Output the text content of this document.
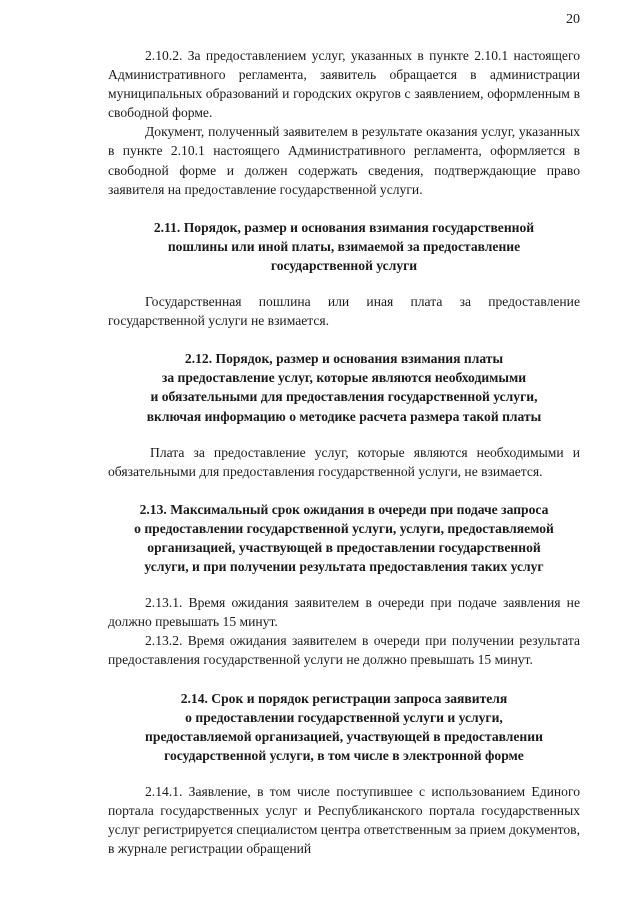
20

2.10.2. За предоставлением услуг, указанных в пункте 2.10.1 настоящего Административного регламента, заявитель обращается в администрации муниципальных образований и городских округов с заявлением, оформленным в свободной форме.

Документ, полученный заявителем в результате оказания услуг, указанных в пункте 2.10.1 настоящего Административного регламента, оформляется в свободной форме и должен содержать сведения, подтверждающие право заявителя на предоставление государственной услуги.

2.11. Порядок, размер и основания взимания государственной
пошлины или иной платы, взимаемой за предоставление
государственной услуги

Государственная пошлина или иная плата за предоставление государственной услуги не взимается.

2.12. Порядок, размер и основания взимания платы
за предоставление услуг, которые являются необходимыми
и обязательными для предоставления государственной услуги,
включая информацию о методике расчета размера такой платы

Плата за предоставление услуг, которые являются необходимыми и обязательными для предоставления государственной услуги, не взимается.

2.13. Максимальный срок ожидания в очереди при подаче запроса
о предоставлении государственной услуги, услуги, предоставляемой
организацией, участвующей в предоставлении государственной
услуги, и при получении результата предоставления таких услуг

2.13.1. Время ожидания заявителем в очереди при подаче заявления не должно превышать 15 минут.

2.13.2. Время ожидания заявителем в очереди при получении результата предоставления государственной услуги не должно превышать 15 минут.

2.14. Срок и порядок регистрации запроса заявителя
о предоставлении государственной услуги и услуги,
предоставляемой организацией, участвующей в предоставлении
государственной услуги, в том числе в электронной форме

2.14.1. Заявление, в том числе поступившее с использованием Единого портала государственных услуг и Республиканского портала государственных услуг регистрируется специалистом центра ответственным за прием документов, в журнале регистрации обращений
